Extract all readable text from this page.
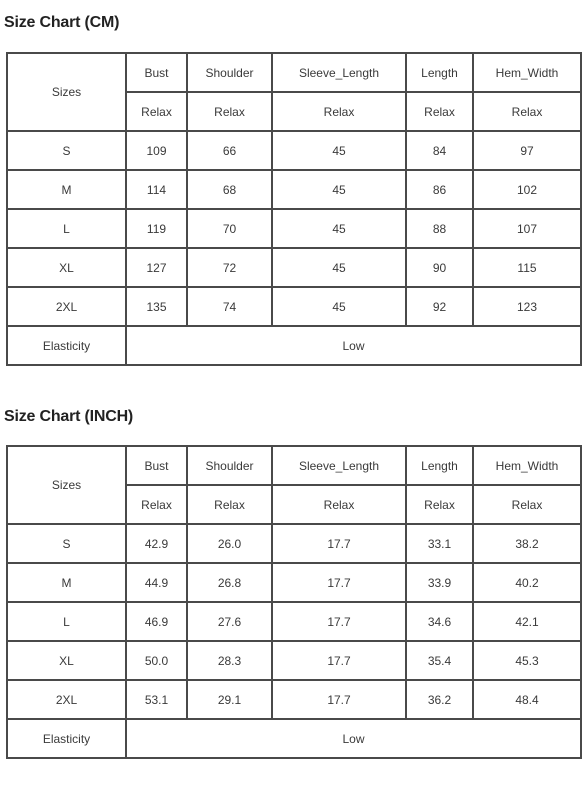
Size Chart (CM)
Sizes	Bust	Shoulder	Sleeve_Length	Length	Hem_Width
	Relax	Relax	Relax	Relax	Relax
S	109	66	45	84	97
M	114	68	45	86	102
L	119	70	45	88	107
XL	127	72	45	90	115
2XL	135	74	45	92	123
Elasticity	Low				
Size Chart (INCH)
Sizes	Bust	Shoulder	Sleeve_Length	Length	Hem_Width
	Relax	Relax	Relax	Relax	Relax
S	42.9	26.0	17.7	33.1	38.2
M	44.9	26.8	17.7	33.9	40.2
L	46.9	27.6	17.7	34.6	42.1
XL	50.0	28.3	17.7	35.4	45.3
2XL	53.1	29.1	17.7	36.2	48.4
Elasticity	Low				
